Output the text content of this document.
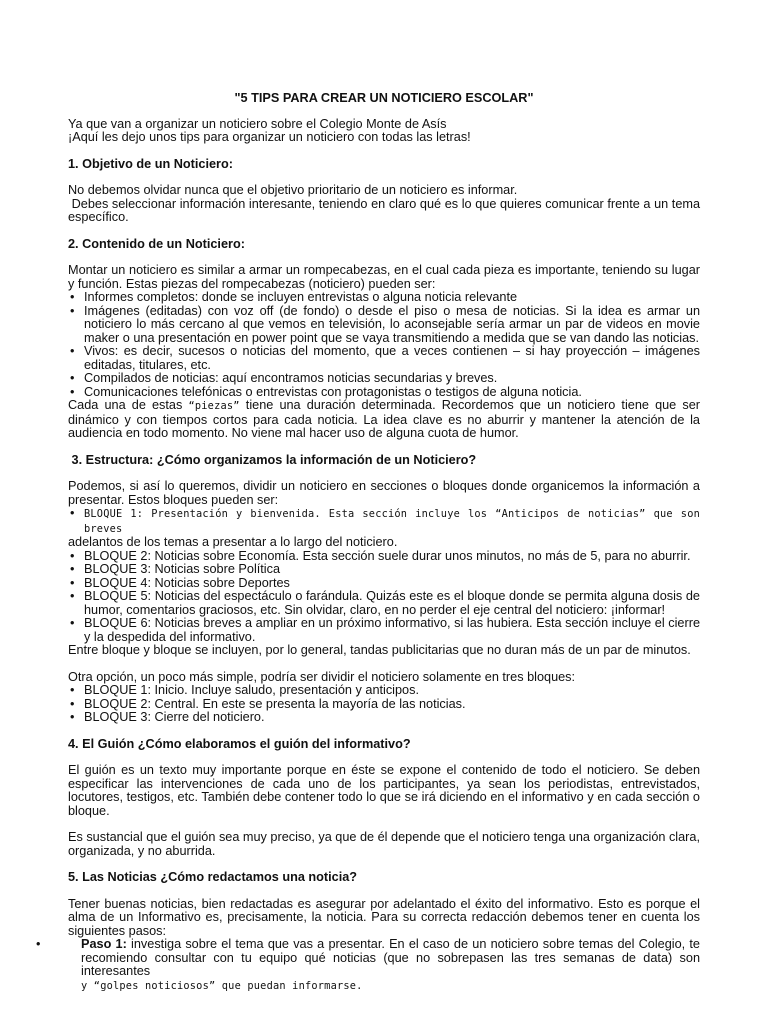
"5 TIPS PARA CREAR UN NOTICIERO ESCOLAR"

Ya que van a organizar un noticiero sobre el Colegio Monte de Asís

¡Aquí les dejo unos tips para organizar un noticiero con todas las letras!

1. Objetivo de un Noticiero:

No debemos olvidar nunca que el objetivo prioritario de un noticiero es informar.

Debes seleccionar información interesante, teniendo en claro qué es lo que quieres comunicar frente a un tema específico.

2. Contenido de un Noticiero:

Montar un noticiero es similar a armar un rompecabezas, en el cual cada pieza es importante, teniendo su lugar y función. Estas piezas del rompecabezas (noticiero) pueden ser:

• Informes completos: donde se incluyen entrevistas o alguna noticia relevante
• Imágenes (editadas) con voz off (de fondo) o desde el piso o mesa de noticias. Si la idea es armar un noticiero lo más cercano al que vemos en televisión, lo aconsejable sería armar un par de videos en movie maker o una presentación en power point que se vaya transmitiendo a medida que se van dando las noticias.
• Vivos: es decir, sucesos o noticias del momento, que a veces contienen – si hay proyección – imágenes editadas, titulares, etc.
• Compilados de noticias: aquí encontramos noticias secundarias y breves.
• Comunicaciones telefónicas o entrevistas con protagonistas o testigos de alguna noticia.

Cada una de estas “piezas” tiene una duración determinada. Recordemos que un noticiero tiene que ser dinámico y con tiempos cortos para cada noticia. La idea clave es no aburrir y mantener la atención de la audiencia en todo momento. No viene mal hacer uso de alguna cuota de humor.

3. Estructura: ¿Cómo organizamos la información de un Noticiero?

Podemos, si así lo queremos, dividir un noticiero en secciones o bloques donde organicemos la información a presentar. Estos bloques pueden ser:

• BLOQUE 1: Presentación y bienvenida. Esta sección incluye los “Anticipos de noticias” que son breves

adelantos de los temas a presentar a lo largo del noticiero.

• BLOQUE 2: Noticias sobre Economía. Esta sección suele durar unos minutos, no más de 5, para no aburrir.
• BLOQUE 3: Noticias sobre Política
• BLOQUE 4: Noticias sobre Deportes
• BLOQUE 5: Noticias del espectáculo o farándula. Quizás este es el bloque donde se permita alguna dosis de humor, comentarios graciosos, etc. Sin olvidar, claro, en no perder el eje central del noticiero: ¡informar!
• BLOQUE 6: Noticias breves a ampliar en un próximo informativo, si las hubiera. Esta sección incluye el cierre y la despedida del informativo.

Entre bloque y bloque se incluyen, por lo general, tandas publicitarias que no duran más de un par de minutos.

Otra opción, un poco más simple, podría ser dividir el noticiero solamente en tres bloques:

• BLOQUE 1: Inicio. Incluye saludo, presentación y anticipos.
• BLOQUE 2: Central. En este se presenta la mayoría de las noticias.
• BLOQUE 3: Cierre del noticiero.

4. El Guión ¿Cómo elaboramos el guión del informativo?

El guión es un texto muy importante porque en éste se expone el contenido de todo el noticiero. Se deben especificar las intervenciones de cada uno de los participantes, ya sean los periodistas, entrevistados, locutores, testigos, etc. También debe contener todo lo que se irá diciendo en el informativo y en cada sección o bloque.

Es sustancial que el guión sea muy preciso, ya que de él depende que el noticiero tenga una organización clara, organizada, y no aburrida.

5. Las Noticias ¿Cómo redactamos una noticia?

Tener buenas noticias, bien redactadas es asegurar por adelantado el éxito del informativo. Esto es porque el alma de un Informativo es, precisamente, la noticia. Para su correcta redacción debemos tener en cuenta los siguientes pasos:

• Paso 1: investiga sobre el tema que vas a presentar. En el caso de un noticiero sobre temas del Colegio, te recomiendo consultar con tu equipo qué noticias (que no sobrepasen las tres semanas de data) son interesantes
y “golpes noticiosos” que puedan informarse.
